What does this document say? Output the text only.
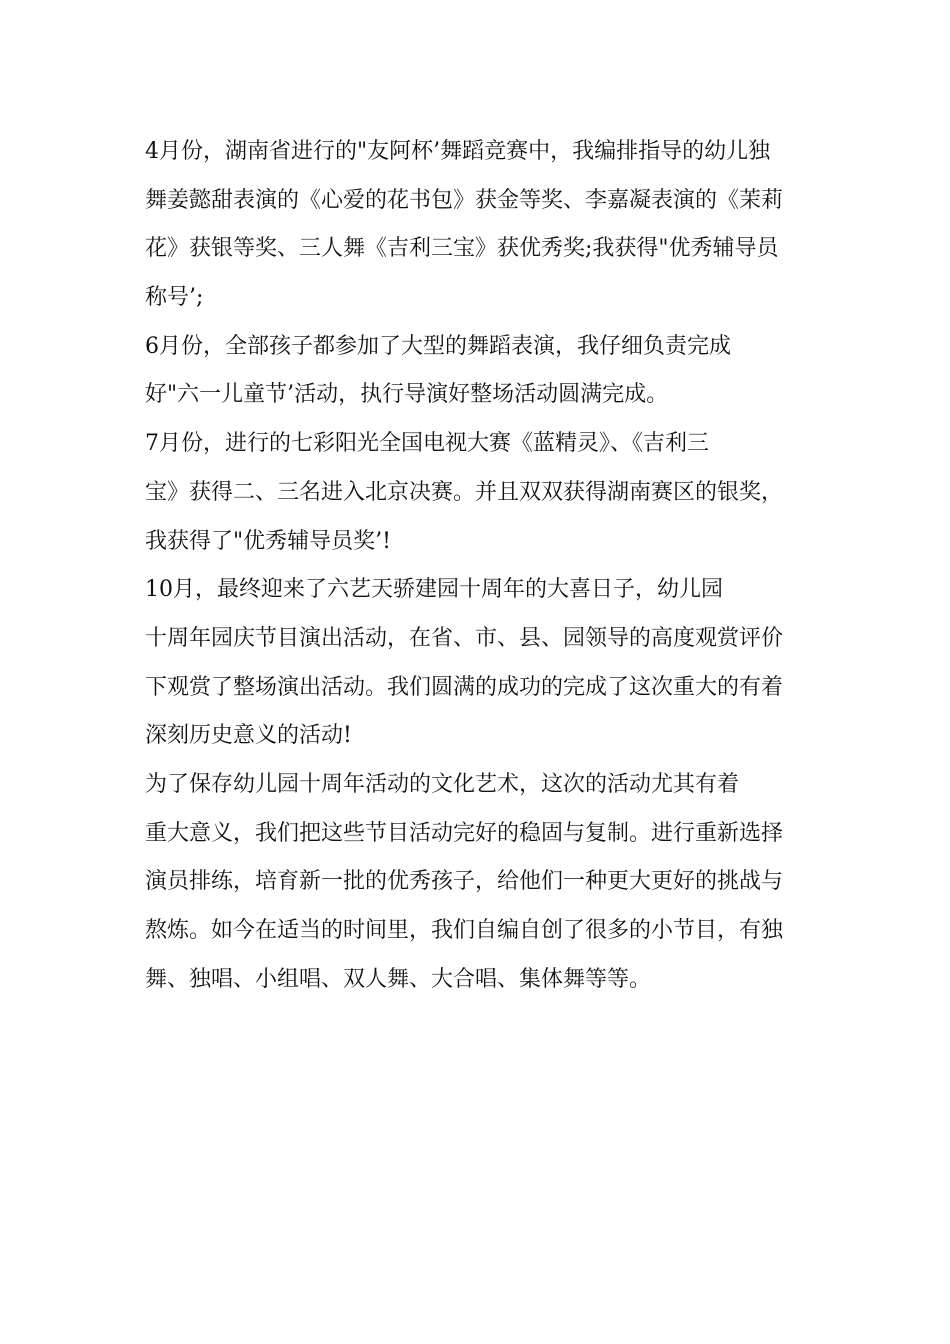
4月份，湖南省进行的"友阿杯’舞蹈竞赛中，我编排指导的幼儿独
舞姜懿甜表演的《心爱的花书包》获金等奖、李嘉凝表演的《茉莉
花》获银等奖、三人舞《吉利三宝》获优秀奖;我获得"优秀辅导员
称号’;
6月份，全部孩子都参加了大型的舞蹈表演，我仔细负责完成
好"六一儿童节’活动，执行导演好整场活动圆满完成。
7月份，进行的七彩阳光全国电视大赛《蓝精灵》、《吉利三
宝》获得二、三名进入北京决赛。并且双双获得湖南赛区的银奖，
我获得了"优秀辅导员奖’!
10月，最终迎来了六艺天骄建园十周年的大喜日子，幼儿园
十周年园庆节目演出活动，在省、市、县、园领导的高度观赏评价
下观赏了整场演出活动。我们圆满的成功的完成了这次重大的有着
深刻历史意义的活动!
为了保存幼儿园十周年活动的文化艺术，这次的活动尤其有着
重大意义，我们把这些节目活动完好的稳固与复制。进行重新选择
演员排练，培育新一批的优秀孩子，给他们一种更大更好的挑战与
熬炼。如今在适当的时间里，我们自编自创了很多的小节目，有独
舞、独唱、小组唱、双人舞、大合唱、集体舞等等。
